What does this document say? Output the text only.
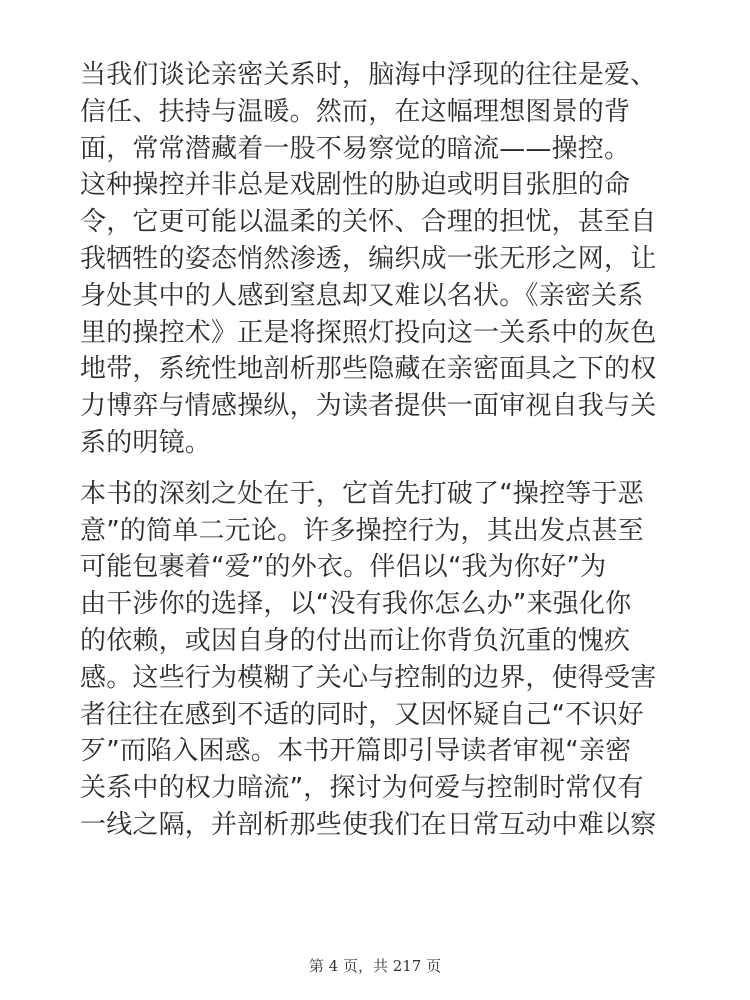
当我们谈论亲密关系时，脑海中浮现的往往是爱、
信任、扶持与温暖。然而，在这幅理想图景的背
面，常常潜藏着一股不易察觉的暗流——操控。
这种操控并非总是戏剧性的胁迫或明目张胆的命
令，它更可能以温柔的关怀、合理的担忧，甚至自
我牺牲的姿态悄然渗透，编织成一张无形之网，让
身处其中的人感到窒息却又难以名状。《亲密关系
里的操控术》正是将探照灯投向这一关系中的灰色
地带，系统性地剖析那些隐藏在亲密面具之下的权
力博弈与情感操纵，为读者提供一面审视自我与关
系的明镜。

本书的深刻之处在于，它首先打破了“操控等于恶
意”的简单二元论。许多操控行为，其出发点甚至
可能包裹着“爱”的外衣。伴侣以“我为你好”为
由干涉你的选择，以“没有我你怎么办”来强化你
的依赖，或因自身的付出而让你背负沉重的愧疚
感。这些行为模糊了关心与控制的边界，使得受害
者往往在感到不适的同时，又因怀疑自己“不识好
歹”而陷入困惑。本书开篇即引导读者审视“亲密
关系中的权力暗流”，探讨为何爱与控制时常仅有
一线之隔，并剖析那些使我们在日常互动中难以察

第 4 页，共 217 页
